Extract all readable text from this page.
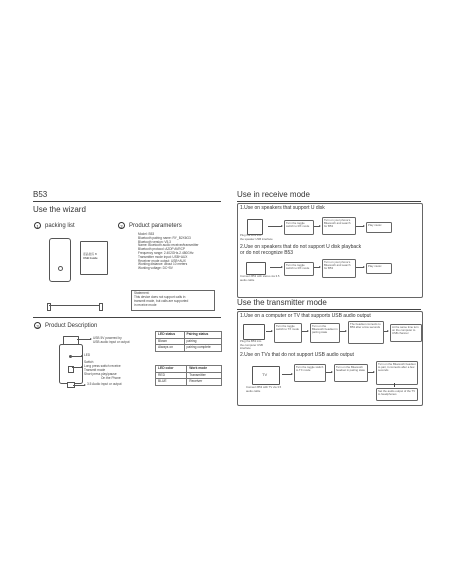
B53
Use the wizard
1	packing list
嘉晶数码 B
USB Guide
2	Product parameters
Model: B53
Bluetooth pairing name: RY_B2X6G3
Bluetooth version: V5.3
Name: Bluetooth audio receiver/transmitter
Bluetooth protocol: A2DP AVRCP
Frequency range: 2.402GHz-2.480GHz
Transmitter mode input: USB+AUX
Receiver mode output: USB+AUX
Working distance: about 10 meters
Working voltage: DC+5V
Statement:
This device does not support calls in
transmit mode, but calls are supported
in receive mode
3	Product Description
USB 5V powered by
USB audio input or output
LED
Switch
Long press switch receive
Transmit mode
Short press play/pause
On the Phone
3.5 Audio input or output
LED status	Pairing status
Blown	pairing
Always on	pairing complete
LED color	Work mode
RED	Transmitter
BLUE	Receiver
Use in receive mode
1.Use on speakers that support U disk
Plug the B53 into
the speaker USB interface
Turn the toggle switch to RX mode
Turn on your phone's Bluetooth and search for B53	Play music
2.Use on speakers that do not support U disk playback
or do not recognize B53
Connect B53 with stereo via 3.5
audio cable
Turn the toggle switch to RX mode
Turn on your phone's Bluetooth and search for B53
Play music
Use the transmitter mode
1.Use on a computer or TV that supports USB audio output
Plug the B53 into
the computer USB
interface
Turn the toggle switch to TX mode
Turn on the Bluetooth headset in pairing state
The headset connects to B53 after a few seconds	At the same time turn on the computer to USB channel
2.Use on TVs that do not support USB audio output
TV
Connect B53 with TV via 3.5
audio cable
Turn the toggle switch to TX mode
Turn on the Bluetooth headset in pairing state
Turn on the Bluetooth headset to pair, it connects after a few seconds
Set the audio output of the TV to headphones
